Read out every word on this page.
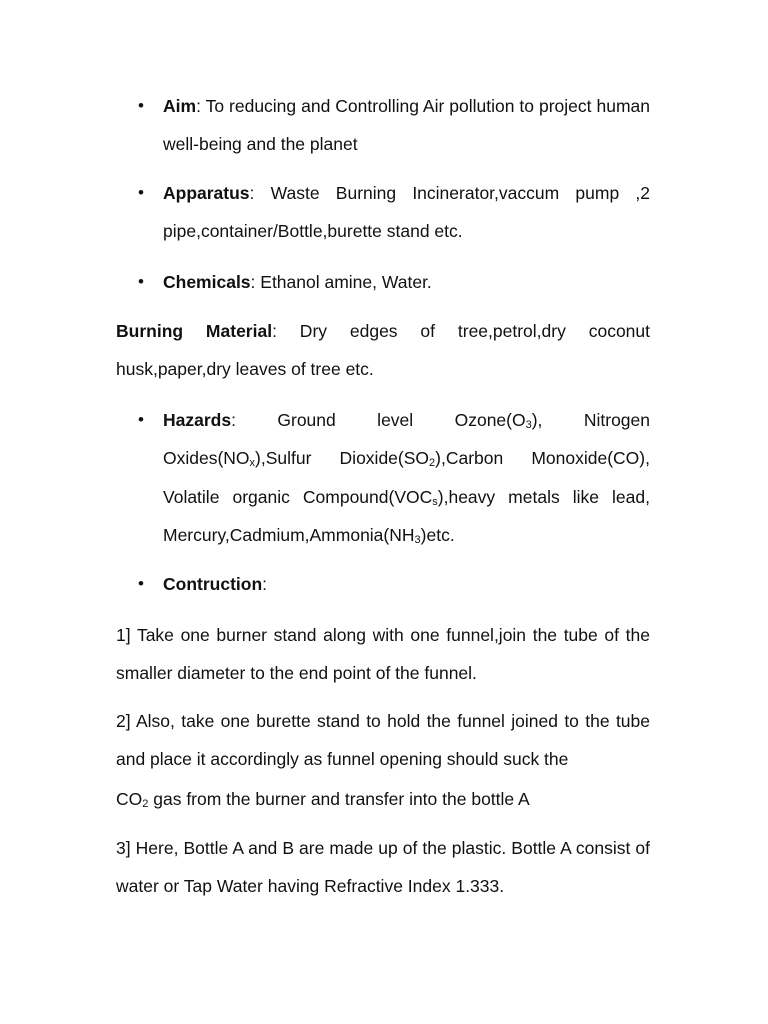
• Aim: To reducing and Controlling Air pollution to project human well-being and the planet
• Apparatus: Waste Burning Incinerator,vaccum pump ,2 pipe,container/Bottle,burette stand etc.
• Chemicals: Ethanol amine, Water.
Burning Material: Dry edges of tree,petrol,dry coconut husk,paper,dry leaves of tree etc.
• Hazards: Ground level $Ozone(O_3)$, Nitrogen $Oxides(NO_x),Sulfur$ $Dioxide(SO_2),Carbon$ Monoxide(CO), Volatile organic $Compound(VOC_s),heavy$ metals like lead, $Mercury,Cadmium,Ammonia(NH_3)etc$.
• Contruction:
1] Take one burner stand along with one funnel,join the tube of the smaller diameter to the end point of the funnel.
2] Also, take one burette stand to hold the funnel joined to the tube and place it accordingly as funnel opening should suck the
$CO_2$ gas from the burner and transfer into the bottle A
3] Here, Bottle A and B are made up of the plastic. Bottle A consist of water or Tap Water having Refractive Index 1.333.
